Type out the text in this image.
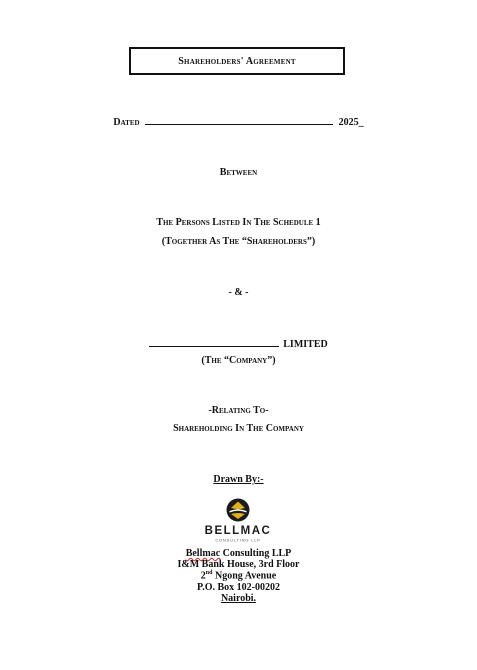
Shareholders' Agreement
Dated	2025_
Between
The Persons Listed In The Schedule 1
(Together As The “Shareholders”)
- & -
LIMITED
(The “Company”)
-Relating To-
Shareholding In The Company
Drawn By:-
BELLMAC
CONSULTING LLP
Bellmac Consulting LLP
I&M Bank House, 3rd Floor
2nd Ngong Avenue
P.O. Box 102-00202
Nairobi.
